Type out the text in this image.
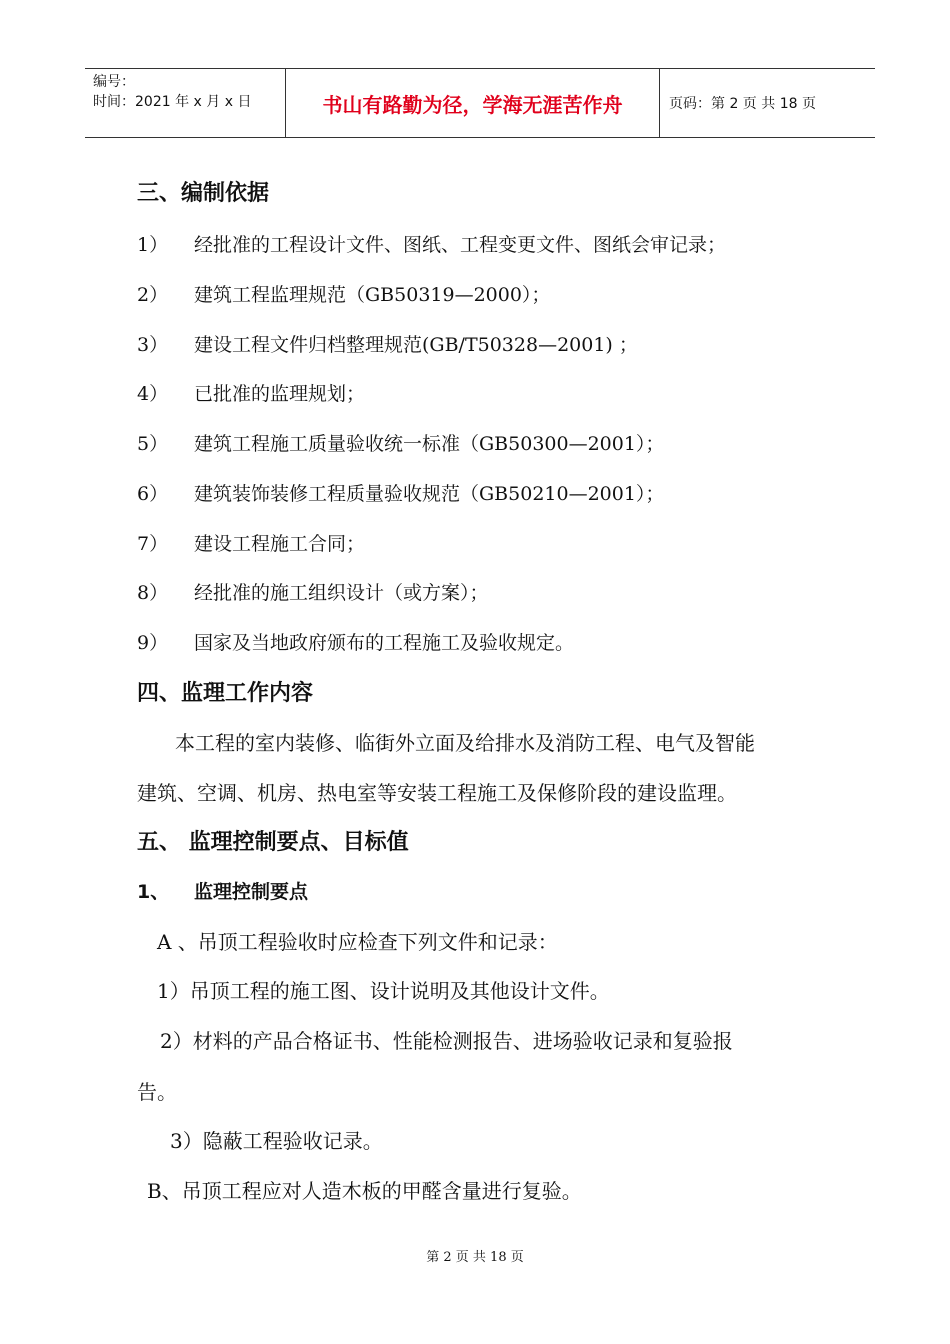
编号：
时间：2021 年 x 月 x 日	书山有路勤为径，学海无涯苦作舟	页码：第 2 页 共 18 页
三、编制依据
1） 经批准的工程设计文件、图纸、工程变更文件、图纸会审记录；
2） 建筑工程监理规范（GB50319—2000）；
3） 建设工程文件归档整理规范(GB/T50328—2001) ；
4） 已批准的监理规划；
5） 建筑工程施工质量验收统一标准（GB50300—2001）；
6） 建筑装饰装修工程质量验收规范（GB50210—2001）；
7） 建设工程施工合同；
8） 经批准的施工组织设计（或方案）；
9） 国家及当地政府颁布的工程施工及验收规定。
四、监理工作内容
本工程的室内装修、临街外立面及给排水及消防工程、电气及智能
建筑、空调、机房、热电室等安装工程施工及保修阶段的建设监理。
五、 监理控制要点、目标值
1、 监理控制要点
A 、吊顶工程验收时应检查下列文件和记录：
1）吊顶工程的施工图、设计说明及其他设计文件。
2）材料的产品合格证书、性能检测报告、进场验收记录和复验报
告。
3）隐蔽工程验收记录。
B、吊顶工程应对人造木板的甲醛含量进行复验。
第 2 页 共 18 页
